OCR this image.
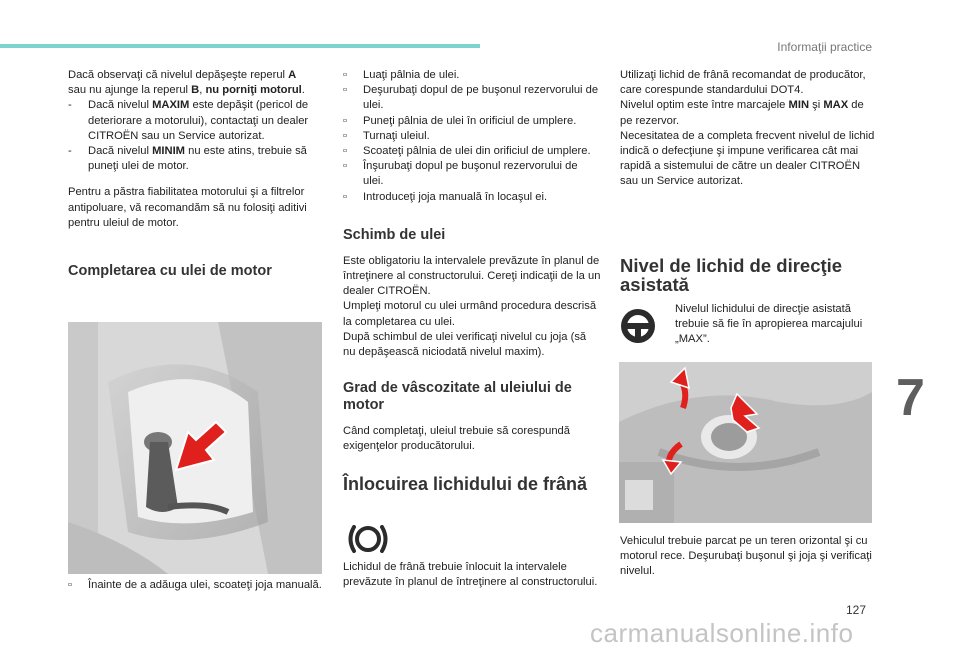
Informaţii practice

Dacă observaţi că nivelul depăşeşte reperul A
sau nu ajunge la reperul B, nu porniţi motorul.

-	Dacă nivelul MAXIM este depăşit (pericol de deteriorare a motorului), contactaţi un dealer CITROËN sau un Service autorizat.
-	Dacă nivelul MINIM nu este atins, trebuie să puneţi ulei de motor.

Pentru a păstra fiabilitatea motorului şi a filtrelor antipoluare, vă recomandăm să nu folosiţi aditivi pentru uleiul de motor.

Completarea cu ulei de motor
▫	Înainte de a adăuga ulei, scoateţi joja manuală.
▫	Luaţi pâlnia de ulei.
▫	Deşurubaţi dopul de pe buşonul rezervorului de ulei.
▫	Puneţi pâlnia de ulei în orificiul de umplere.
▫	Turnaţi uleiul.
▫	Scoateţi pâlnia de ulei din orificiul de umplere.
▫	Înşurubaţi dopul pe buşonul rezervorului de ulei.
▫	Introduceţi joja manuală în locaşul ei.
Schimb de ulei

Este obligatoriu la intervalele prevăzute în planul de întreţinere al constructorului. Cereţi indicaţii de la un dealer CITROËN.
Umpleţi motorul cu ulei urmând procedura descrisă la completarea cu ulei.
După schimbul de ulei verificaţi nivelul cu joja (să nu depăşească niciodată nivelul maxim).

Grad de vâscozitate al uleiului de motor

Când completaţi, uleiul trebuie să corespundă exigenţelor producătorului.

Înlocuirea lichidului de frână

Lichidul de frână trebuie înlocuit la intervalele prevăzute în planul de întreţinere al constructorului.

Utilizaţi lichid de frână recomandat de producător, care corespunde standardului DOT4.

Nivelul optim este între marcajele MIN şi MAX de pe rezervor.

Necesitatea de a completa frecvent nivelul de lichid indică o defecţiune şi impune verificarea cât mai rapidă a sistemului de către un dealer CITROËN sau un Service autorizat.

Nivel de lichid de direcţie asistată

Nivelul lichidului de direcţie asistată trebuie să fie în apropierea marcajului „MAX”.

Vehiculul trebuie parcat pe un teren orizontal şi cu motorul rece. Deşurubaţi buşonul şi joja şi verificaţi nivelul.

7
127
carmanualsonline.info
